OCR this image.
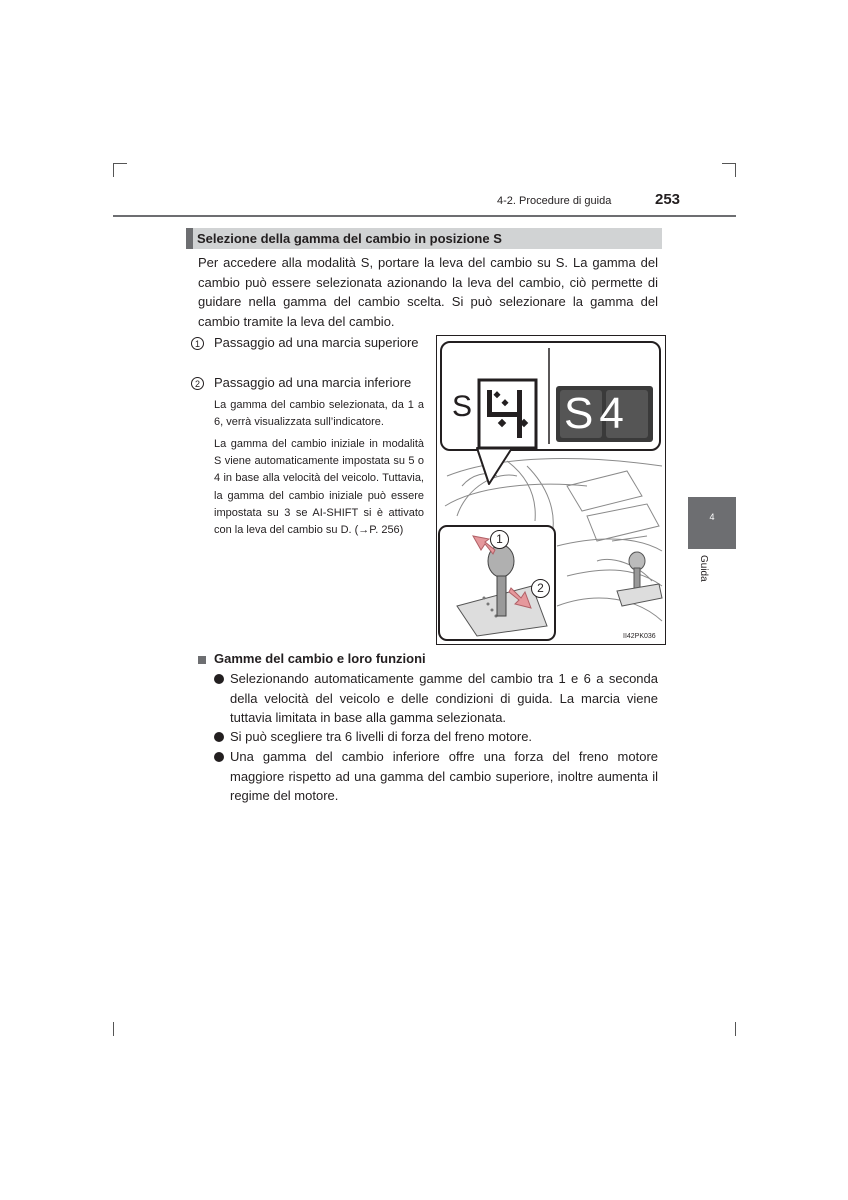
4-2. Procedure di guida	253
4
Guida
Selezione della gamma del cambio in posizione S
Per accedere alla modalità S, portare la leva del cambio su S. La gamma del cambio può essere selezionata azionando la leva del cambio, ciò permette di guidare nella gamma del cambio scelta. Si può selezionare la gamma del cambio tramite la leva del cambio.
1	Passaggio ad una marcia superiore
2	Passaggio ad una marcia inferiore
La gamma del cambio selezionata, da 1 a 6, verrà visualizzata sull’indicatore.
La gamma del cambio iniziale in modalità S viene automaticamente impostata su 5 o 4 in base alla velocità del veicolo. Tuttavia, la gamma del cambio iniziale può essere impostata su 3 se AI-SHIFT si è attivato con la leva del cambio su D. (→P. 256)
S S4
1
2
II42PK036
Gamme del cambio e loro funzioni
Selezionando automaticamente gamme del cambio tra 1 e 6 a seconda della velocità del veicolo e delle condizioni di guida. La marcia viene tuttavia limitata in base alla gamma selezionata.
Si può scegliere tra 6 livelli di forza del freno motore.
Una gamma del cambio inferiore offre una forza del freno motore maggiore rispetto ad una gamma del cambio superiore, inoltre aumenta il regime del motore.
